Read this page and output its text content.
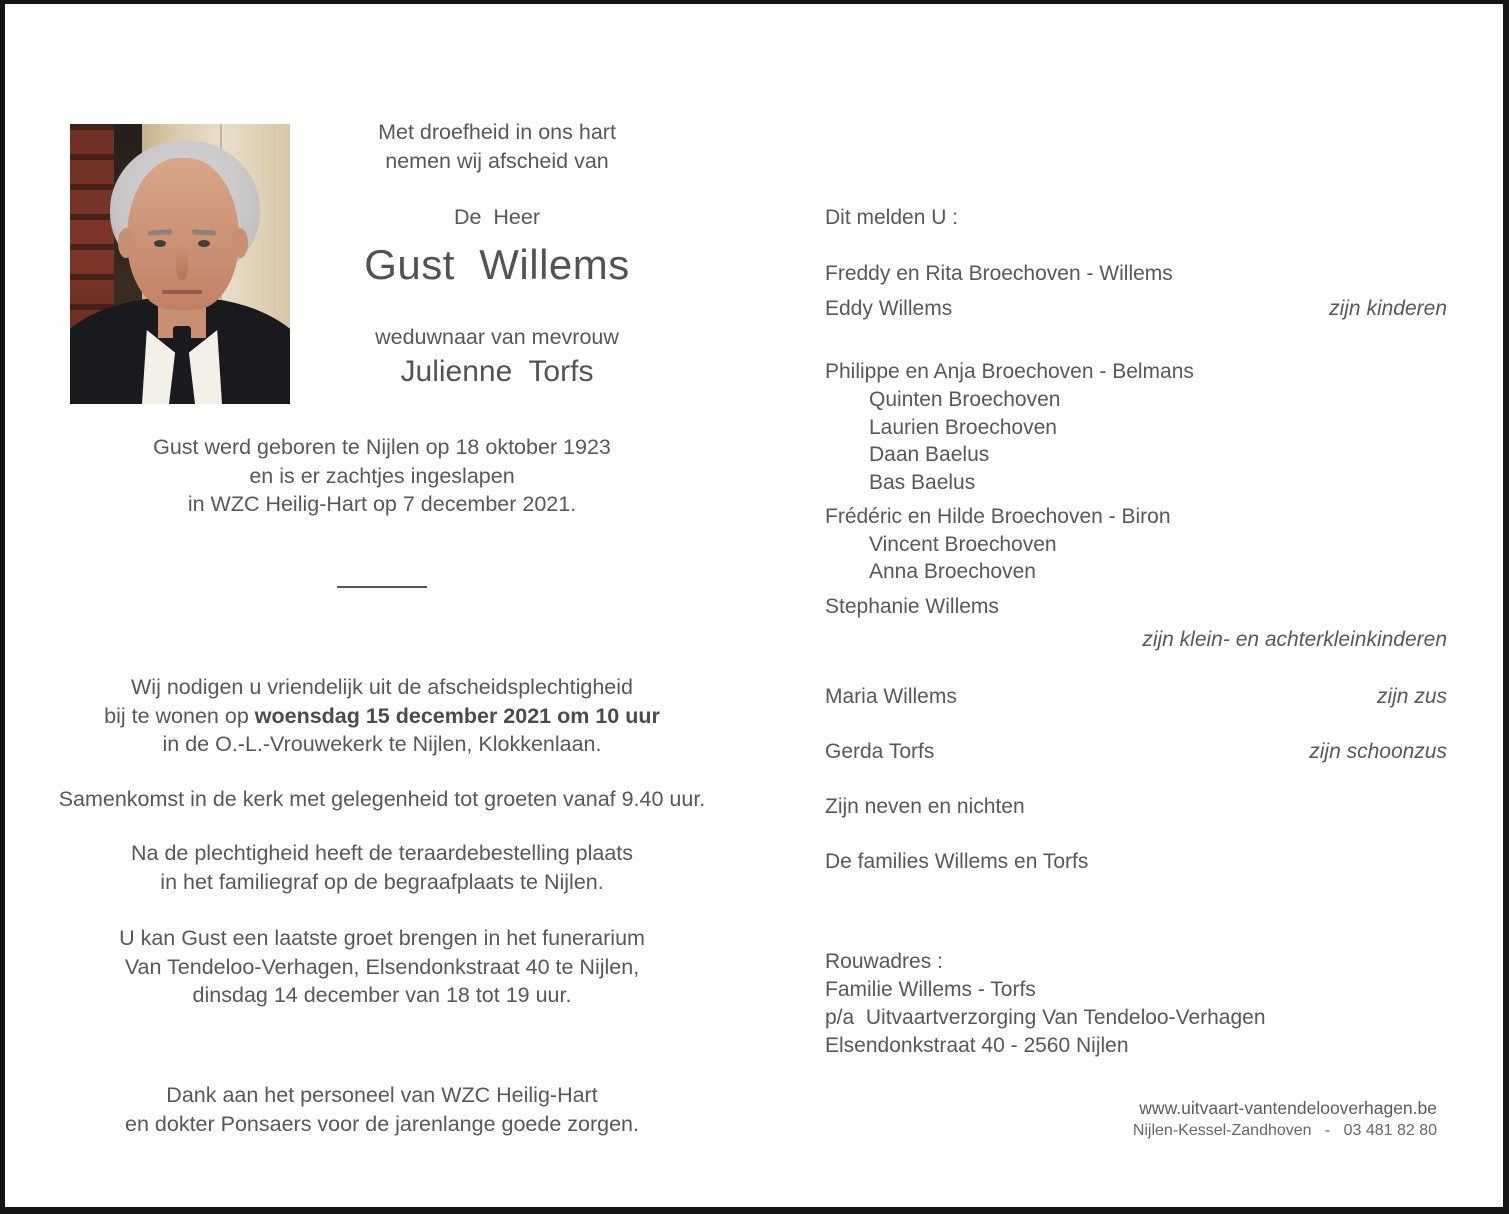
Met droefheid in ons hart
nemen wij afscheid van
De  Heer
Gust  Willems
weduwnaar van mevrouw
Julienne  Torfs
Gust werd geboren te Nijlen op 18 oktober 1923
en is er zachtjes ingeslapen
in WZC Heilig-Hart op 7 december 2021.
Wij nodigen u vriendelijk uit de afscheidsplechtigheid
bij te wonen op woensdag 15 december 2021 om 10 uur
in de O.-L.-Vrouwekerk te Nijlen, Klokkenlaan.
Samenkomst in de kerk met gelegenheid tot groeten vanaf 9.40 uur.
Na de plechtigheid heeft de teraardebestelling plaats
in het familiegraf op de begraafplaats te Nijlen.
U kan Gust een laatste groet brengen in het funerarium
Van Tendeloo-Verhagen, Elsendonkstraat 40 te Nijlen,
dinsdag 14 december van 18 tot 19 uur.
Dank aan het personeel van WZC Heilig-Hart
en dokter Ponsaers voor de jarenlange goede zorgen.
Dit melden U :
Freddy en Rita Broechoven - Willems
Eddy Willems	zijn kinderen
Philippe en Anja Broechoven - Belmans
Quinten Broechoven
Laurien Broechoven
Daan Baelus
Bas Baelus
Frédéric en Hilde Broechoven - Biron
Vincent Broechoven
Anna Broechoven
Stephanie Willems
zijn klein- en achterkleinkinderen
Maria Willems	zijn zus
Gerda Torfs	zijn schoonzus
Zijn neven en nichten
De families Willems en Torfs
Rouwadres :
Familie Willems - Torfs
p/a  Uitvaartverzorging Van Tendeloo-Verhagen
Elsendonkstraat 40 - 2560 Nijlen
www.uitvaart-vantendelooverhagen.be
Nijlen-Kessel-Zandhoven   -   03 481 82 80
